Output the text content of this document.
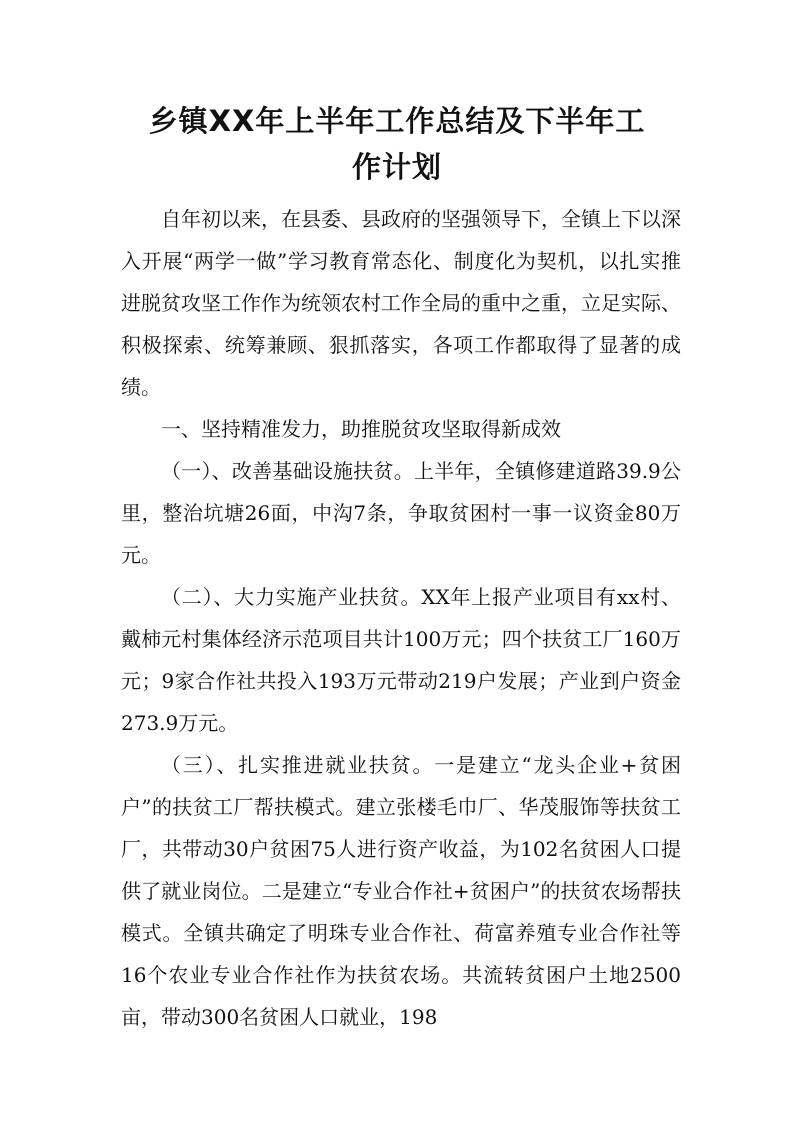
乡镇XX年上半年工作总结及下半年工
作计划

自年初以来，在县委、县政府的坚强领导下，全镇上下以深入开展“两学一做”学习教育常态化、制度化为契机，以扎实推进脱贫攻坚工作作为统领农村工作全局的重中之重，立足实际、积极探索、统筹兼顾、狠抓落实，各项工作都取得了显著的成绩。

一、坚持精准发力，助推脱贫攻坚取得新成效

（一）、改善基础设施扶贫。上半年，全镇修建道路39.9公里，整治坑塘26面，中沟7条，争取贫困村一事一议资金80万元。

（二）、大力实施产业扶贫。XX年上报产业项目有xx村、戴柿元村集体经济示范项目共计100万元；四个扶贫工厂160万元；9家合作社共投入193万元带动219户发展；产业到户资金273.9万元。

（三）、扎实推进就业扶贫。一是建立“龙头企业+贫困户”的扶贫工厂帮扶模式。建立张楼毛巾厂、华茂服饰等扶贫工厂，共带动30户贫困75人进行资产收益，为102名贫困人口提供了就业岗位。二是建立“专业合作社+贫困户”的扶贫农场帮扶模式。全镇共确定了明珠专业合作社、荷富养殖专业合作社等16个农业专业合作社作为扶贫农场。共流转贫困户土地2500亩，带动300名贫困人口就业，198
